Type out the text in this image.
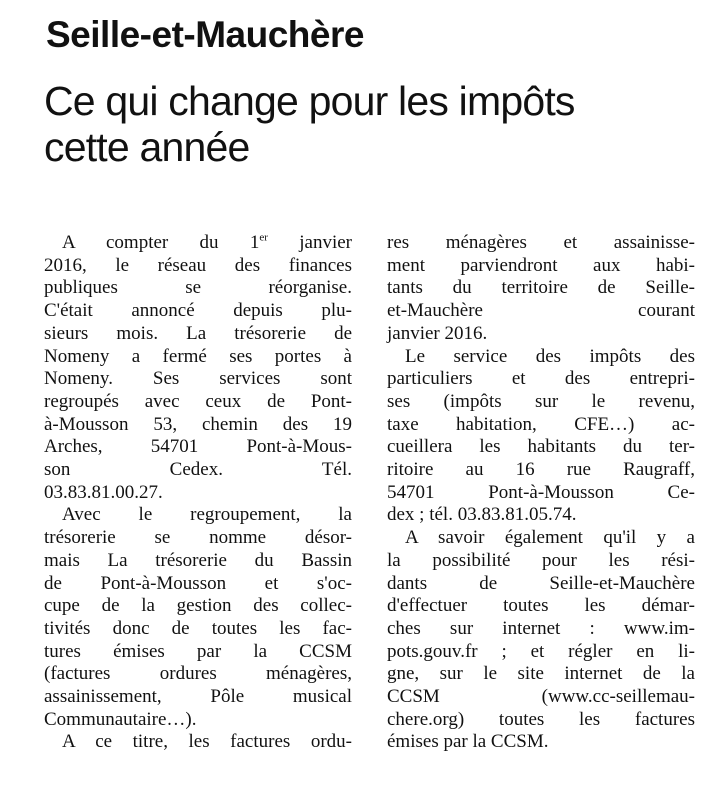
Seille-et-Mauchère
Ce qui change pour les impôts
cette année
A compter du 1er janvier
2016, le réseau des finances
publiques se réorganise.
C'était annoncé depuis plu-
sieurs mois. La trésorerie de
Nomeny a fermé ses portes à
Nomeny. Ses services sont
regroupés avec ceux de Pont-
à-Mousson 53, chemin des 19
Arches, 54701 Pont-à-Mous-
son Cedex. Tél.
03.83.81.00.27.
Avec le regroupement, la
trésorerie se nomme désor-
mais La trésorerie du Bassin
de Pont-à-Mousson et s'oc-
cupe de la gestion des collec-
tivités donc de toutes les fac-
tures émises par la CCSM
(factures ordures ménagères,
assainissement, Pôle musical
Communautaire…).
A ce titre, les factures ordu-
res ménagères et assainisse-
ment parviendront aux habi-
tants du territoire de Seille-
et-Mauchère courant
janvier 2016.
Le service des impôts des
particuliers et des entrepri-
ses (impôts sur le revenu,
taxe habitation, CFE…) ac-
cueillera les habitants du ter-
ritoire au 16 rue Raugraff,
54701 Pont-à-Mousson Ce-
dex ; tél. 03.83.81.05.74.
A savoir également qu'il y a
la possibilité pour les rési-
dants de Seille-et-Mauchère
d'effectuer toutes les démar-
ches sur internet : www.im-
pots.gouv.fr ; et régler en li-
gne, sur le site internet de la
CCSM (www.cc-seillemau-
chere.org) toutes les factures
émises par la CCSM.
